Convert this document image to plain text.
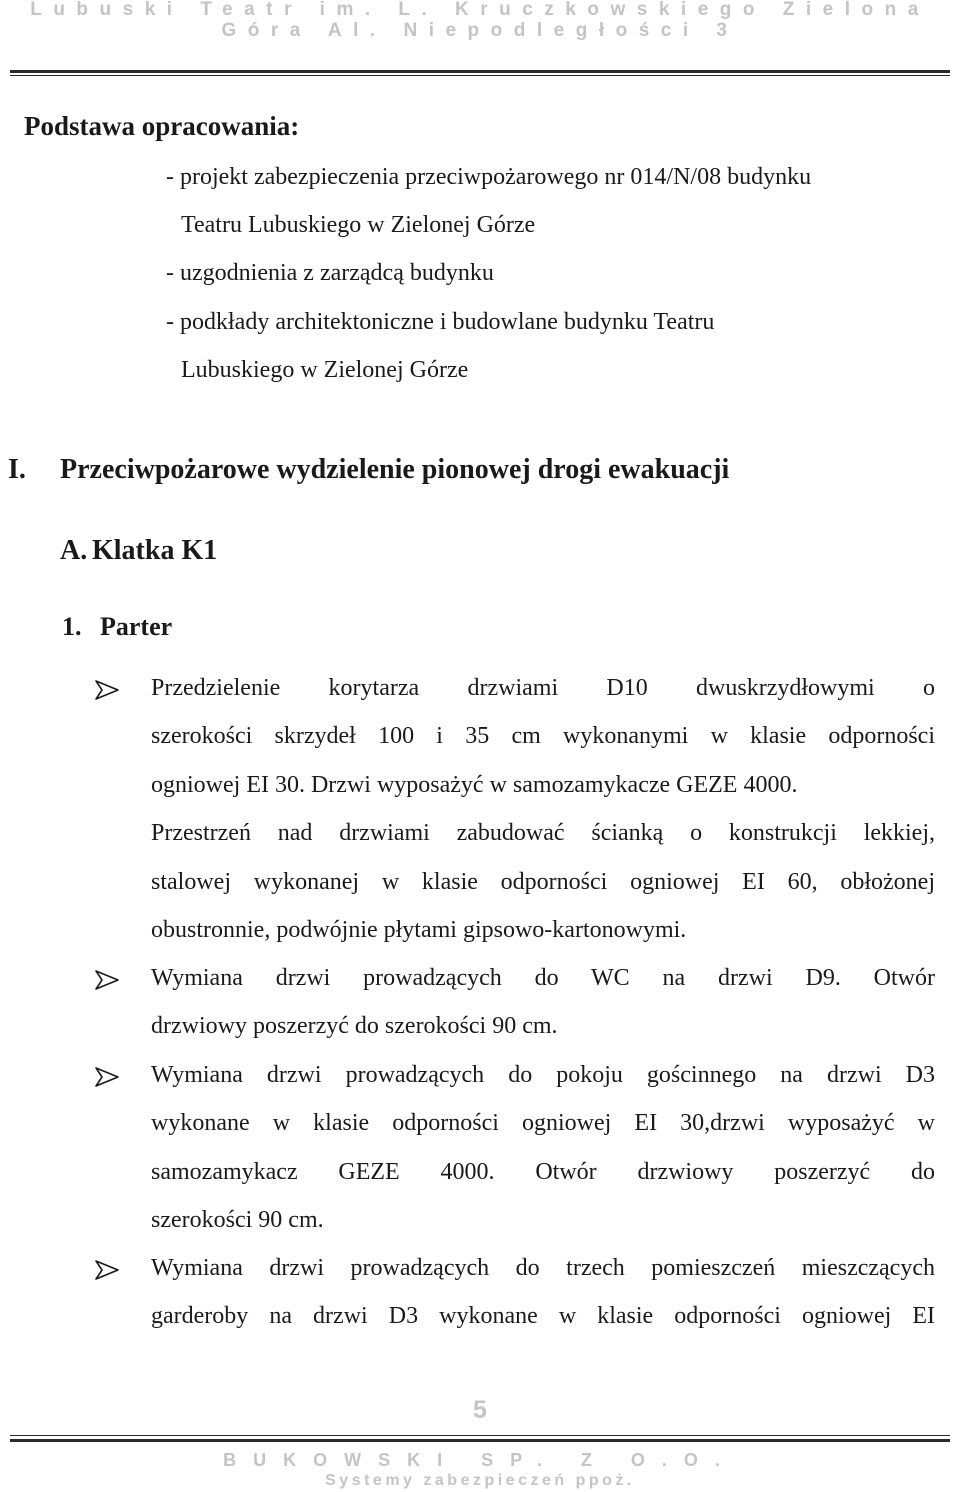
Lubuski Teatr im. L. Kruczkowskiego Zielona
Góra Al. Niepodległości 3
Podstawa opracowania:
- projekt zabezpieczenia przeciwpożarowego nr 014/N/08 budynku
Teatru Lubuskiego w Zielonej Górze
- uzgodnienia z zarządcą budynku
- podkłady architektoniczne i budowlane budynku Teatru
Lubuskiego w Zielonej Górze
I. Przeciwpożarowe wydzielenie pionowej drogi ewakuacji
A. Klatka K1
1. Parter
Przedzielenie korytarza drzwiami D10 dwuskrzydłowymi o
szerokości skrzydeł 100 i 35 cm wykonanymi w klasie odporności
ogniowej EI 30. Drzwi wyposażyć w samozamykacze GEZE 4000.
Przestrzeń nad drzwiami zabudować ścianką o konstrukcji lekkiej,
stalowej wykonanej w klasie odporności ogniowej EI 60, obłożonej
obustronnie, podwójnie płytami gipsowo-kartonowymi.
Wymiana drzwi prowadzących do WC na drzwi D9. Otwór
drzwiowy poszerzyć do szerokości 90 cm.
Wymiana drzwi prowadzących do pokoju gościnnego na drzwi D3
wykonane w klasie odporności ogniowej EI 30,drzwi wyposażyć w
samozamykacz GEZE 4000. Otwór drzwiowy poszerzyć do
szerokości 90 cm.
Wymiana drzwi prowadzących do trzech pomieszczeń mieszczących
garderoby na drzwi D3 wykonane w klasie odporności ogniowej EI
5
BUKOWSKI SP. Z O.O.
Systemy zabezpieczeń ppoż.
